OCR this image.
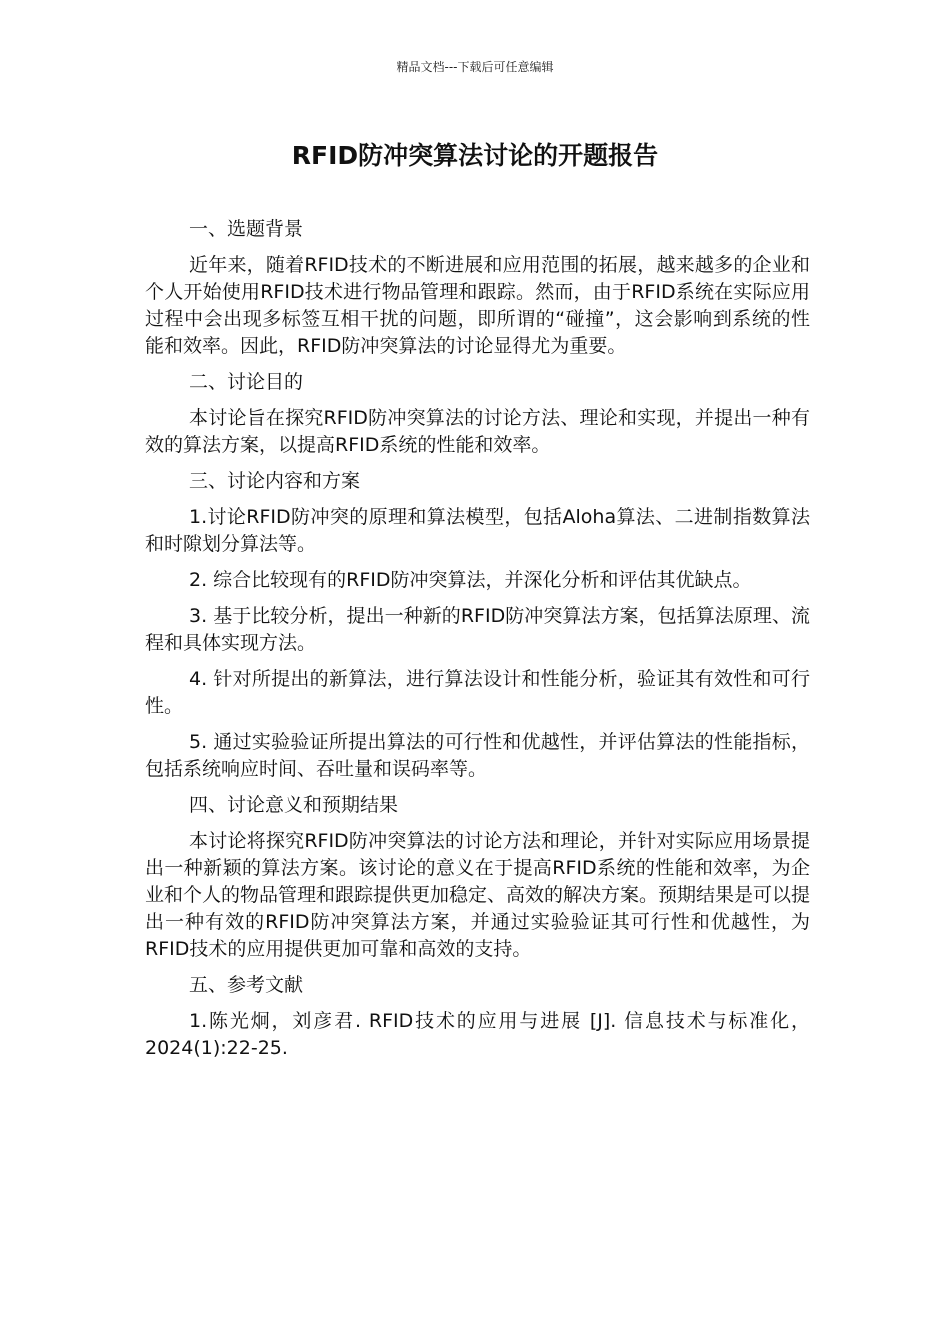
精品文档---下载后可任意编辑
RFID防冲突算法讨论的开题报告

一、选题背景

近年来，随着RFID技术的不断进展和应用范围的拓展，越来越多的企业和个人开始使用RFID技术进行物品管理和跟踪。然而，由于RFID系统在实际应用过程中会出现多标签互相干扰的问题，即所谓的“碰撞”，这会影响到系统的性能和效率。因此，RFID防冲突算法的讨论显得尤为重要。

二、讨论目的

本讨论旨在探究RFID防冲突算法的讨论方法、理论和实现，并提出一种有效的算法方案，以提高RFID系统的性能和效率。

三、讨论内容和方案

1.讨论RFID防冲突的原理和算法模型，包括Aloha算法、二进制指数算法和时隙划分算法等。

2. 综合比较现有的RFID防冲突算法，并深化分析和评估其优缺点。

3. 基于比较分析，提出一种新的RFID防冲突算法方案，包括算法原理、流程和具体实现方法。

4. 针对所提出的新算法，进行算法设计和性能分析，验证其有效性和可行性。

5. 通过实验验证所提出算法的可行性和优越性，并评估算法的性能指标，包括系统响应时间、吞吐量和误码率等。

四、讨论意义和预期结果

本讨论将探究RFID防冲突算法的讨论方法和理论，并针对实际应用场景提出一种新颖的算法方案。该讨论的意义在于提高RFID系统的性能和效率，为企业和个人的物品管理和跟踪提供更加稳定、高效的解决方案。预期结果是可以提出一种有效的RFID防冲突算法方案，并通过实验验证其可行性和优越性，为RFID技术的应用提供更加可靠和高效的支持。

五、参考文献

1.陈光炯，刘彦君. RFID技术的应用与进展 [J]. 信息技术与标准化，2024(1):22-25.
